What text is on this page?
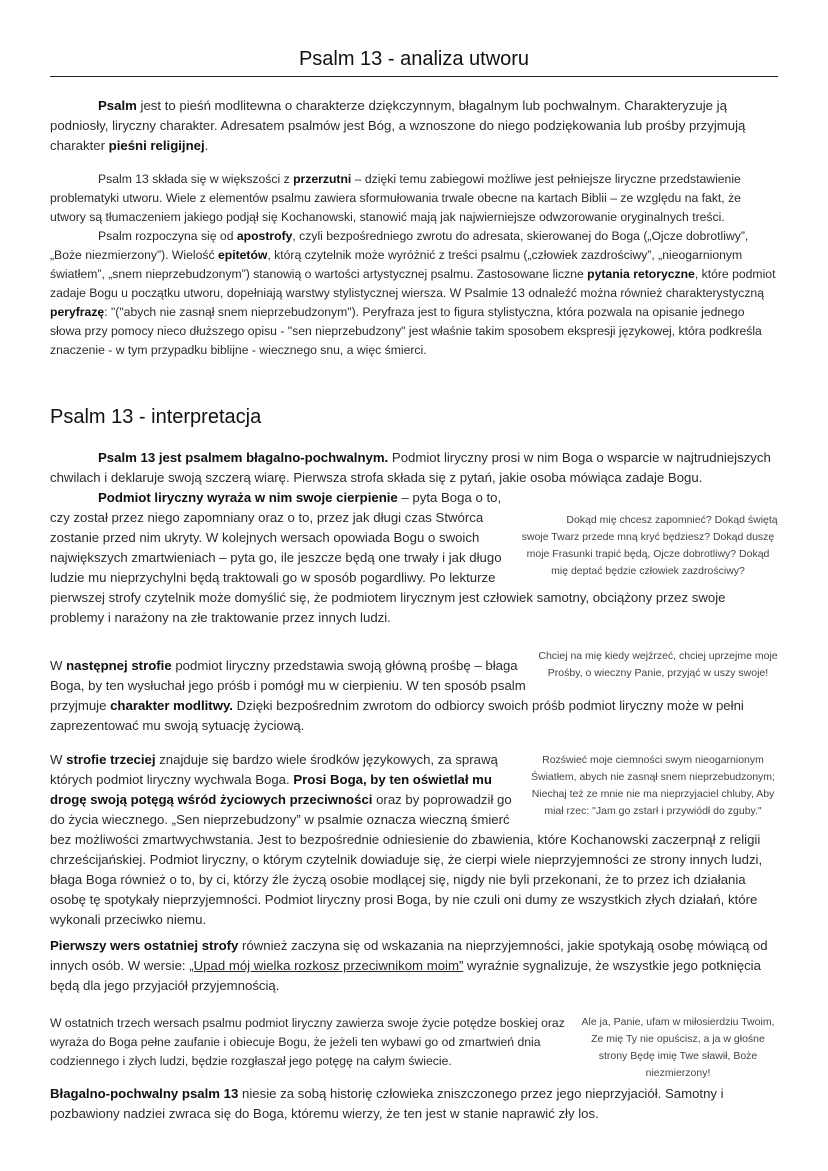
Psalm 13 - analiza utworu

Psalm jest to pieśń modlitewna o charakterze dziękczynnym, błagalnym lub pochwalnym. Charakteryzuje ją podniosły, liryczny charakter. Adresatem psalmów jest Bóg, a wznoszone do niego podziękowania lub prośby przyjmują charakter pieśni religijnej.

Psalm 13 składa się w większości z przerzutni – dzięki temu zabiegowi możliwe jest pełniejsze liryczne przedstawienie problematyki utworu. Wiele z elementów psalmu zawiera sformułowania trwale obecne na kartach Biblii – ze względu na fakt, że utwory są tłumaczeniem jakiego podjął się Kochanowski, stanowić mają jak najwierniejsze odwzorowanie oryginalnych treści.

Psalm rozpoczyna się od apostrofy, czyli bezpośredniego zwrotu do adresata, skierowanej do Boga („Ojcze dobrotliwy”, „Boże niezmierzony”). Wielość epitetów, którą czytelnik może wyróżnić z treści psalmu („człowiek zazdrościwy”, „nieogarnionym światłem”, „snem nieprzebudzonym”) stanowią o wartości artystycznej psalmu. Zastosowane liczne pytania retoryczne, które podmiot zadaje Bogu u początku utworu, dopełniają warstwy stylistycznej wiersza. W Psalmie 13 odnaleźć można również charakterystyczną peryfrazę: "("abych nie zasnął snem nieprzebudzonym"). Peryfraza jest to figura stylistyczna, która pozwala na opisanie jednego słowa przy pomocy nieco dłuższego opisu - "sen nieprzebudzony" jest właśnie takim sposobem ekspresji językowej, która podkreśla znaczenie - w tym przypadku biblijne - wiecznego snu, a więc śmierci.

Psalm 13 - interpretacja

Psalm 13 jest psalmem błagalno-pochwalnym. Podmiot liryczny prosi w nim Boga o wsparcie w najtrudniejszych chwilach i deklaruje swoją szczerą wiarę. Pierwsza strofa składa się z pytań, jakie osoba mówiąca zadaje Bogu.

Podmiot liryczny wyraża w nim swoje cierpienie
Dokąd mię chcesz zapomnieć? Dokąd świętą swoje Twarz przede mną kryć będziesz? Dokąd duszę moje Frasunki trapić będą, Ojcze dobrotliwy? Dokąd mię deptać będzie człowiek zazdrościwy?
– pyta Boga o to, czy został przez niego zapomniany oraz o to, przez jak długi czas Stwórca zostanie przed nim ukryty. W kolejnych wersach opowiada Bogu o swoich największych zmartwieniach – pyta go, ile jeszcze będą one trwały i jak długo ludzie mu nieprzychylni będą traktowali go w sposób pogardliwy. Po lekturze pierwszej strofy czytelnik może domyślić się, że podmiotem lirycznym jest człowiek samotny, obciążony przez swoje problemy i narażony na złe traktowanie przez innych ludzi.

Chciej na mię kiedy wejźrzeć, chciej uprzejme moje Prośby, o wieczny Panie, przyjąć w uszy swoje!
W następnej strofie podmiot liryczny przedstawia swoją główną prośbę – błaga Boga, by ten wysłuchał jego próśb i pomógł mu w cierpieniu. W ten sposób psalm przyjmuje charakter modlitwy. Dzięki bezpośrednim zwrotom do odbiorcy swoich próśb podmiot liryczny może w pełni zaprezentować mu swoją sytuację życiową.

Rozświeć moje ciemności swym nieogarnionym Światłem, abych nie zasnął snem nieprzebudzonym; Niechaj też ze mnie nie ma nieprzyjaciel chluby, Aby miał rzec: "Jam go zstarł i przywiódł do zguby."
W strofie trzeciej znajduje się bardzo wiele środków językowych, za sprawą których podmiot liryczny wychwala Boga. Prosi Boga, by ten oświetlał mu drogę swoją potęgą wśród życiowych przeciwności oraz by poprowadził go do życia wiecznego. „Sen nieprzebudzony” w psalmie oznacza wieczną śmierć bez możliwości zmartwychwstania. Jest to bezpośrednie odniesienie do zbawienia, które Kochanowski zaczerpnął z religii chrześcijańskiej. Podmiot liryczny, o którym czytelnik dowiaduje się, że cierpi wiele nieprzyjemności ze strony innych ludzi, błaga Boga również o to, by ci, którzy źle życzą osobie modlącej się, nigdy nie byli przekonani, że to przez ich działania osobę tę spotykały nieprzyjemności. Podmiot liryczny prosi Boga, by nie czuli oni dumy ze wszystkich złych działań, które wykonali przeciwko niemu.

Pierwszy wers ostatniej strofy również zaczyna się od wskazania na nieprzyjemności, jakie spotykają osobę mówiącą od innych osób. W wersie: „Upad mój wielka rozkosz przeciwnikom moim” wyraźnie sygnalizuje, że wszystkie jego potknięcia będą dla jego przyjaciół przyjemnością.

Ale ja, Panie, ufam w miłosierdziu Twoim, Ze mię Ty nie opuścisz, a ja w głośne strony Będę imię Twe sławił, Boże niezmierzony!
W ostatnich trzech wersach psalmu podmiot liryczny zawierza swoje życie potędze boskiej oraz wyraża do Boga pełne zaufanie i obiecuje Bogu, że jeżeli ten wybawi go od zmartwień dnia codziennego i złych ludzi, będzie rozgłaszał jego potęgę na całym świecie.

Błagalno-pochwalny psalm 13 niesie za sobą historię człowieka zniszczonego przez jego nieprzyjaciół. Samotny i pozbawiony nadziei zwraca się do Boga, któremu wierzy, że ten jest w stanie naprawić zły los.
